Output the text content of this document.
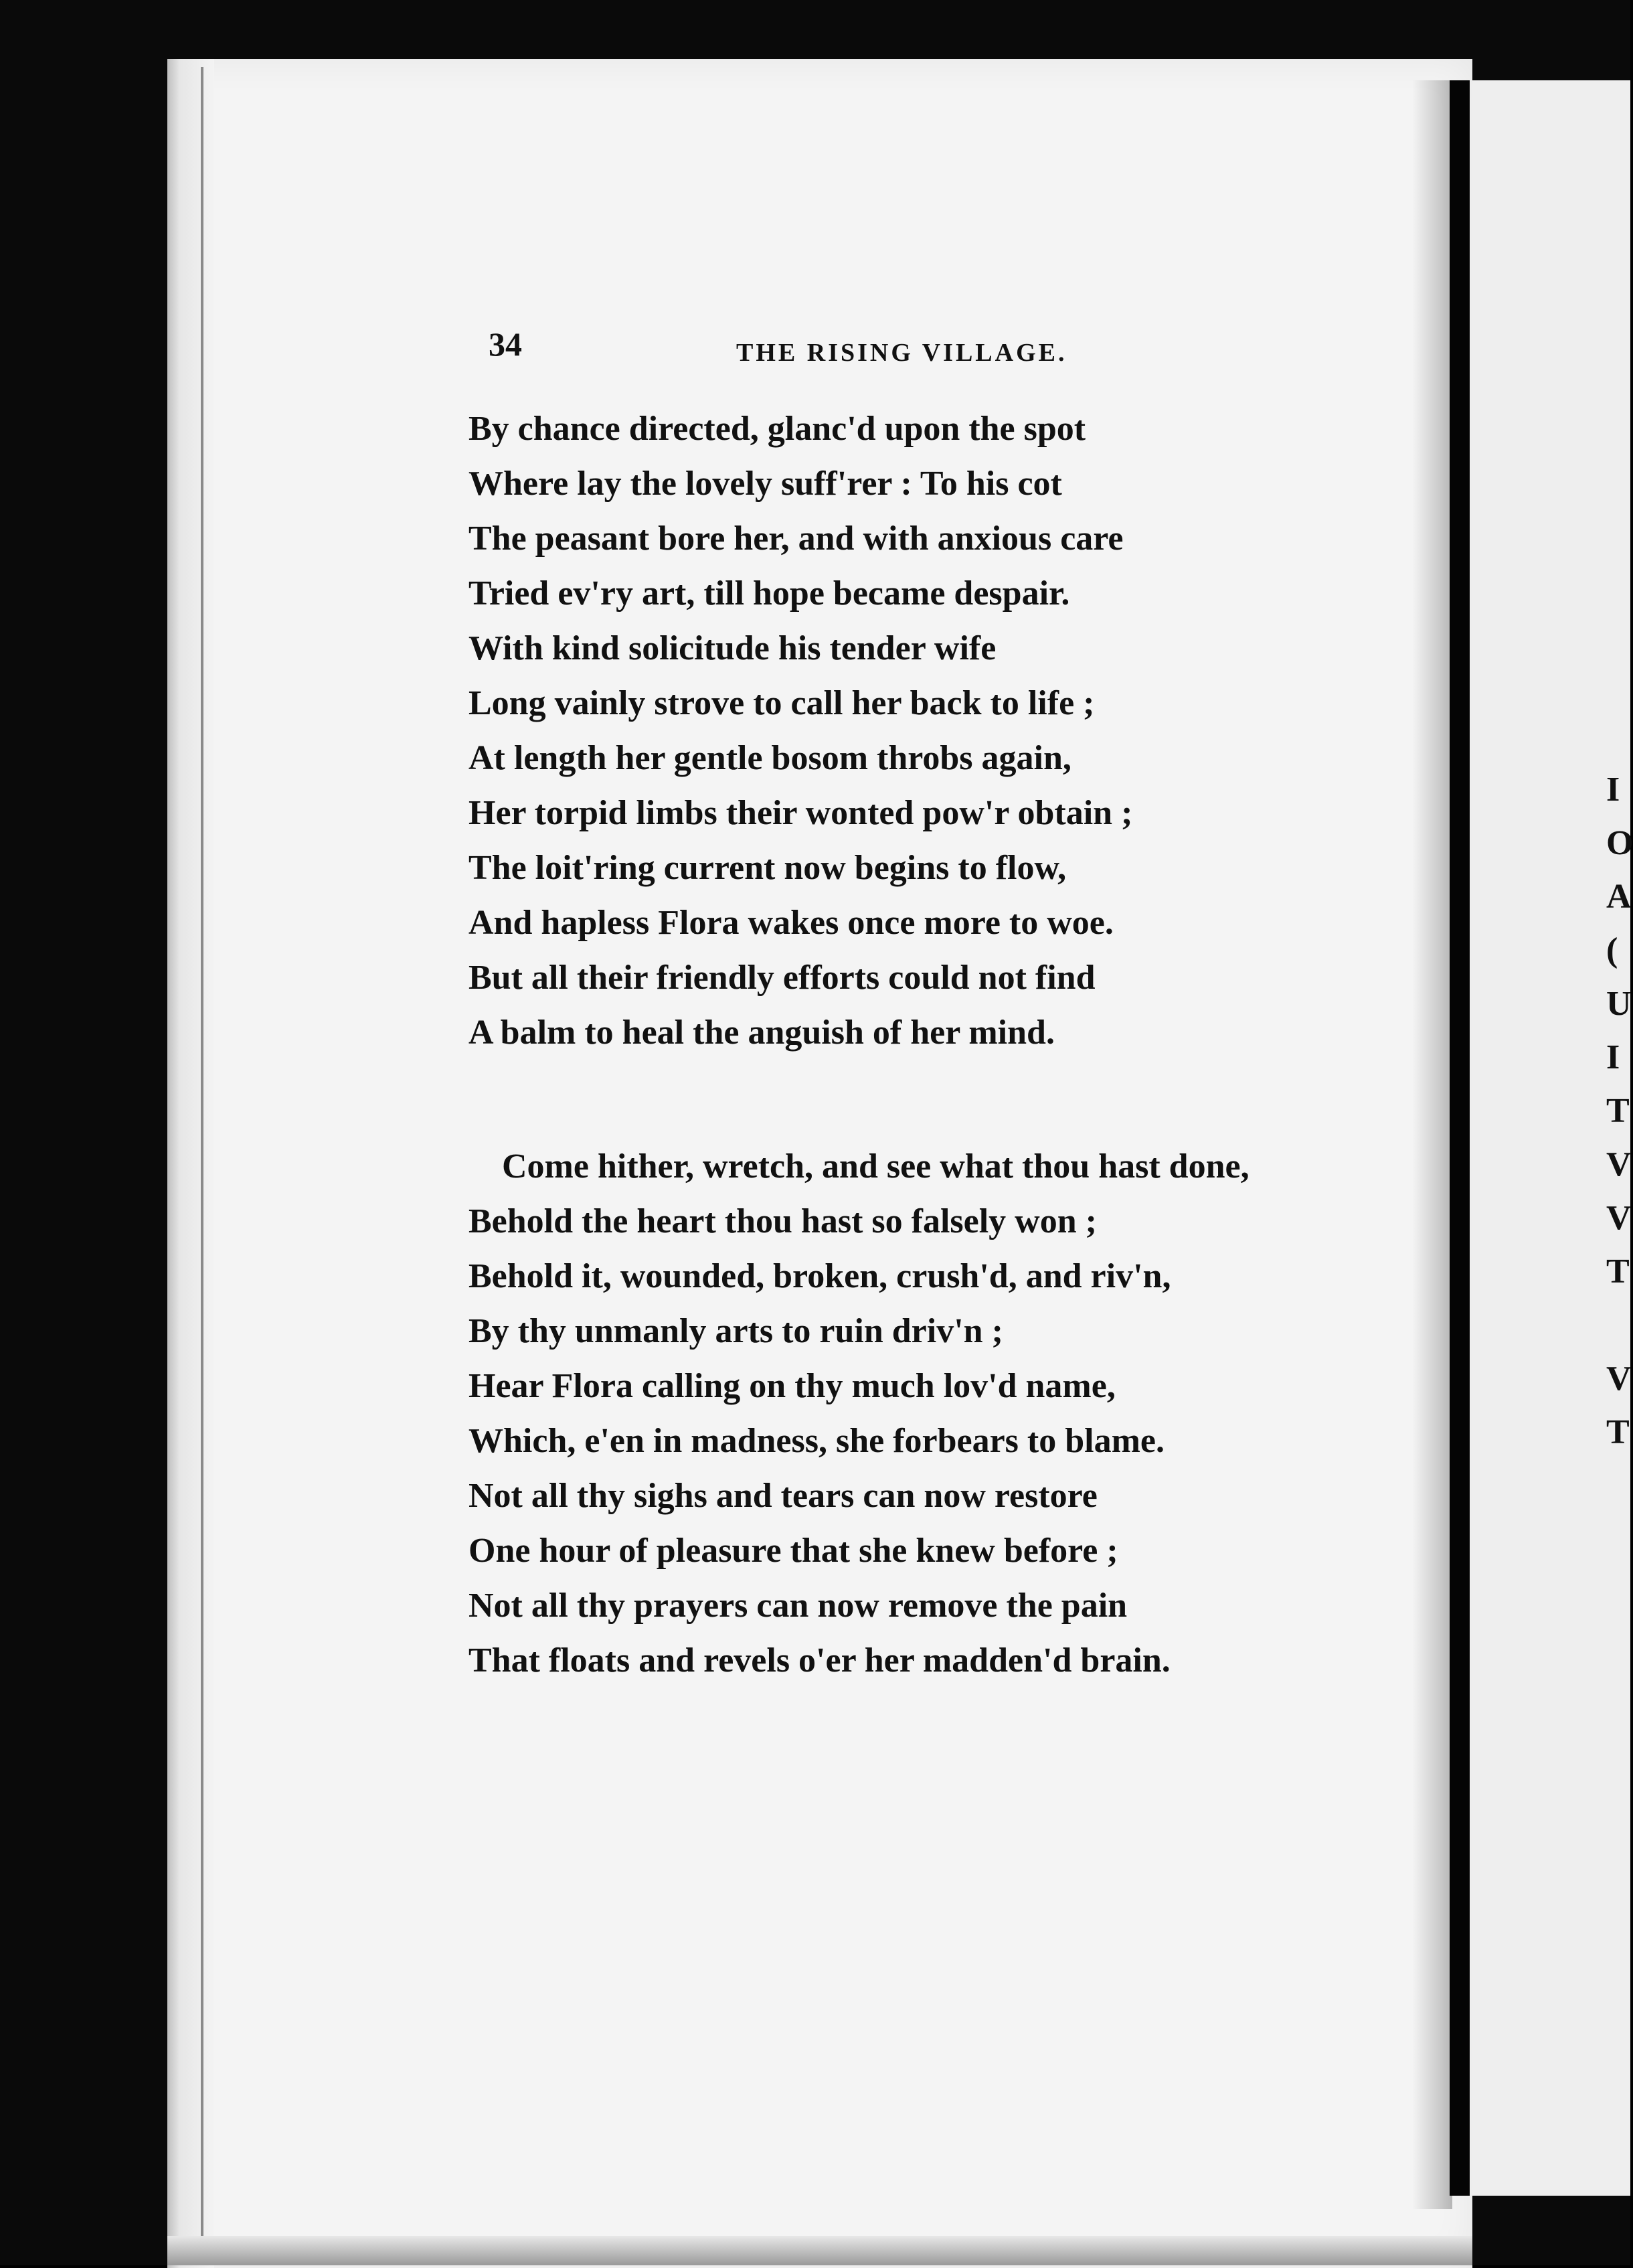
I
O
A
(
U
I
T
V
V
T
V
T
34	THE RISING VILLAGE.
By chance directed, glanc'd upon the spot
Where lay the lovely suff'rer : To his cot
The peasant bore her, and with anxious care
Tried ev'ry art, till hope became despair.
With kind solicitude his tender wife
Long vainly strove to call her back to life ;
At length her gentle bosom throbs again,
Her torpid limbs their wonted pow'r obtain ;
The loit'ring current now begins to flow,
And hapless Flora wakes once more to woe.
But all their friendly efforts could not find
A balm to heal the anguish of her mind.
Come hither, wretch, and see what thou hast done,
Behold the heart thou hast so falsely won ;
Behold it, wounded, broken, crush'd, and riv'n,
By thy unmanly arts to ruin driv'n ;
Hear Flora calling on thy much lov'd name,
Which, e'en in madness, she forbears to blame.
Not all thy sighs and tears can now restore
One hour of pleasure that she knew before ;
Not all thy prayers can now remove the pain
That floats and revels o'er her madden'd brain.
